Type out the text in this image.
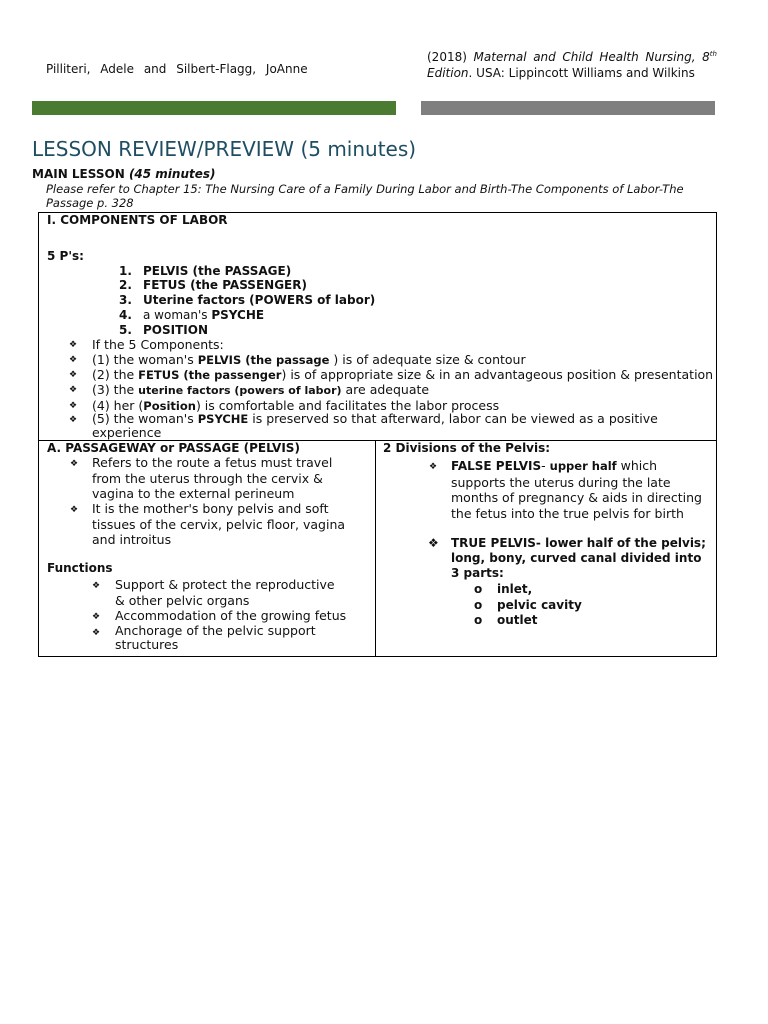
Pilliteri, Adele and Silbert-Flagg, JoAnne
(2018) Maternal and Child Health Nursing, 8th Edition. USA: Lippincott Williams and Wilkins
LESSON REVIEW/PREVIEW (5 minutes)
MAIN LESSON (45 minutes)
Please refer to Chapter 15: The Nursing Care of a Family During Labor and Birth-The Components of Labor-The Passage p. 328
I. COMPONENTS OF LABOR
5 P's:
1. PELVIS (the PASSAGE)
2. FETUS (the PASSENGER)
3. Uterine factors (POWERS of labor)
4. a woman's PSYCHE
5. POSITION
❖ If the 5 Components:
❖ (1) the woman's PELVIS (the passage ) is of adequate size & contour
❖ (2) the FETUS (the passenger) is of appropriate size & in an advantageous position & presentation
❖ (3) the uterine factors (powers of labor) are adequate
❖ (4) her (Position) is comfortable and facilitates the labor process
❖ (5) the woman's PSYCHE is preserved so that afterward, labor can be viewed as a positive experience
A. PASSAGEWAY or PASSAGE (PELVIS)
❖ Refers to the route a fetus must travel from the uterus through the cervix & vagina to the external perineum
❖ It is the mother's bony pelvis and soft tissues of the cervix, pelvic floor, vagina and introitus
Functions
❖ Support & protect the reproductive & other pelvic organs
❖ Accommodation of the growing fetus
❖ Anchorage of the pelvic support structures
2 Divisions of the Pelvis:
❖ FALSE PELVIS- upper half which supports the uterus during the late months of pregnancy & aids in directing the fetus into the true pelvis for birth
❖ TRUE PELVIS- lower half of the pelvis; long, bony, curved canal divided into 3 parts:
o inlet,
o pelvic cavity
o outlet
